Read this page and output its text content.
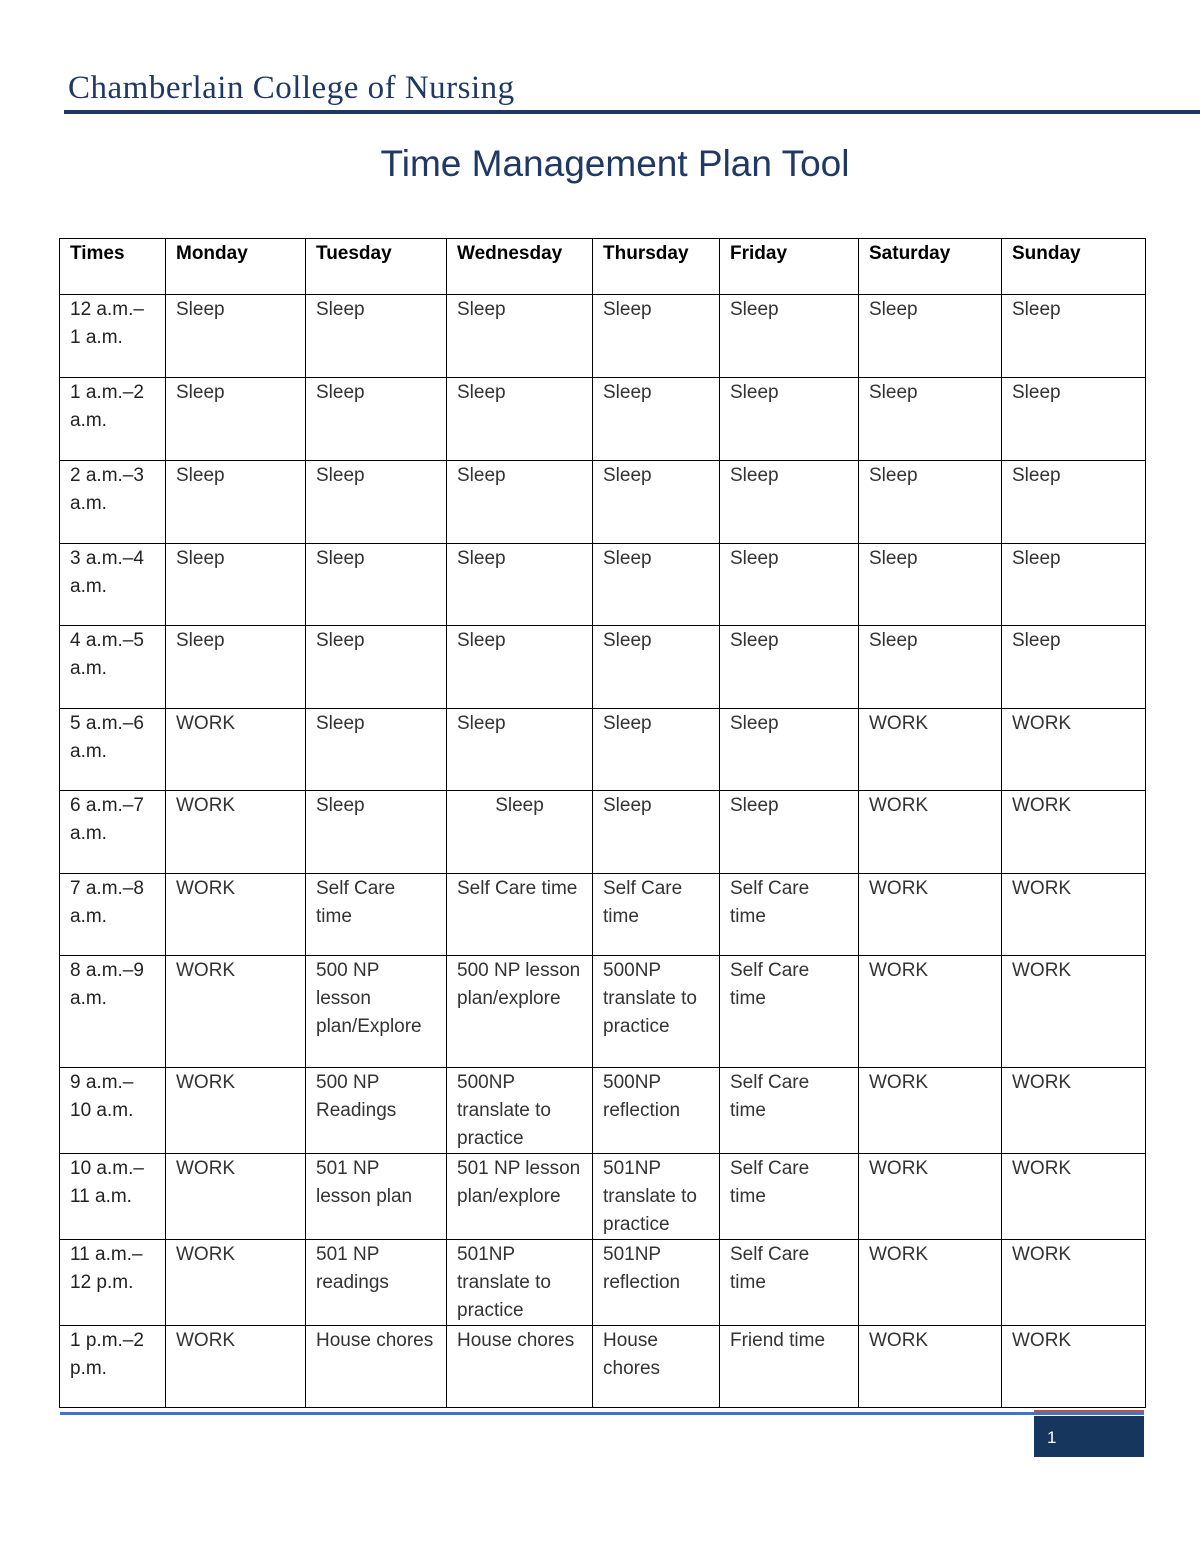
Chamberlain College of Nursing
Time Management Plan Tool
Times	Monday	Tuesday	Wednesday	Thursday	Friday	Saturday	Sunday
12 a.m.– 1 a.m.	Sleep	Sleep	Sleep	Sleep	Sleep	Sleep	Sleep
1 a.m.–2 a.m.	Sleep	Sleep	Sleep	Sleep	Sleep	Sleep	Sleep
2 a.m.–3 a.m.	Sleep	Sleep	Sleep	Sleep	Sleep	Sleep	Sleep
3 a.m.–4 a.m.	Sleep	Sleep	Sleep	Sleep	Sleep	Sleep	Sleep
4 a.m.–5 a.m.	Sleep	Sleep	Sleep	Sleep	Sleep	Sleep	Sleep
5 a.m.–6 a.m.	WORK	Sleep	Sleep	Sleep	Sleep	WORK	WORK
6 a.m.–7 a.m.	WORK	Sleep	Sleep	Sleep	Sleep	WORK	WORK
7 a.m.–8 a.m.	WORK	Self Care time	Self Care time	Self Care time	Self Care time	WORK	WORK
8 a.m.–9 a.m.	WORK	500 NP lesson plan/Explore	500 NP lesson plan/explore	500NP translate to practice	Self Care time	WORK	WORK
9 a.m.– 10 a.m.	WORK	500 NP Readings	500NP translate to practice	500NP reflection	Self Care time	WORK	WORK
10 a.m.– 11 a.m.	WORK	501 NP lesson plan	501 NP lesson plan/explore	501NP translate to practice	Self Care time	WORK	WORK
11 a.m.– 12 p.m.	WORK	501 NP readings	501NP translate to practice	501NP reflection	Self Care time	WORK	WORK
1 p.m.–2 p.m.	WORK	House chores	House chores	House chores	Friend time	WORK	WORK
1
